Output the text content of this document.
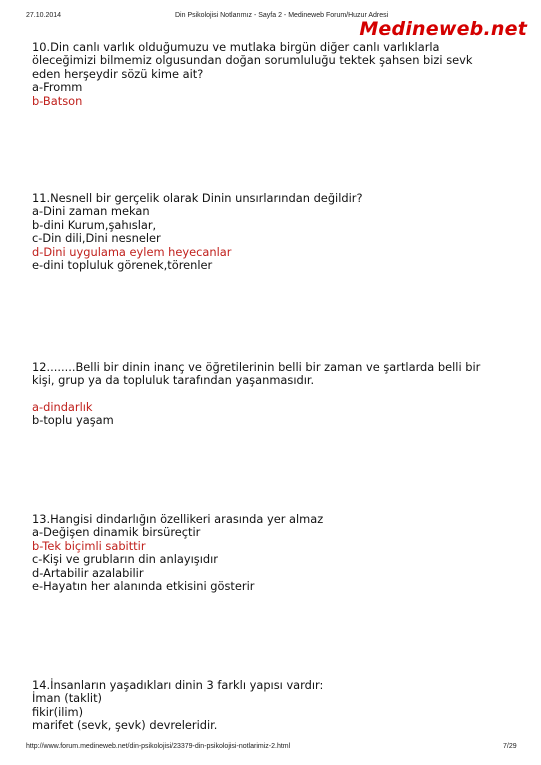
27.10.2014	Din Psikolojisi Notlarımız - Sayfa 2 - Medineweb Forum/Huzur Adresi
Medineweb.net

10.Din canlı varlık olduğumuzu ve mutlaka birgün diğer canlı varlıklarla

öleceğimizi bilmemiz olgusundan doğan sorumluluğu tektek şahsen bizi sevk

eden herşeydir sözü kime ait?

a-Fromm

b-Batson

11.Nesnell bir gerçelik olarak Dinin unsırlarından değildir?

a-Dini zaman mekan

b-dini Kurum,şahıslar,

c-Din dili,Dini nesneler

d-Dini uygulama eylem heyecanlar

e-dini topluluk görenek,törenler

12........Belli bir dinin inanç ve öğretilerinin belli bir zaman ve şartlarda belli bir

kişi, grup ya da topluluk tarafından yaşanmasıdır.

a-dindarlık

b-toplu yaşam

13.Hangisi dindarlığın özellikeri arasında yer almaz

a-Değişen dinamik birsüreçtir

b-Tek biçimli sabittir

c-Kişi ve grubların din anlayışıdır

d-Artabilir azalabilir

e-Hayatın her alanında etkisini gösterir

14.İnsanların yaşadıkları dinin 3 farklı yapısı vardır:

İman (taklit)

fikir(ilim)

marifet (sevk, şevk) devreleridir.

http://www.forum.medineweb.net/din-psikolojisi/23379-din-psikolojisi-notlarimiz-2.html	7/29
